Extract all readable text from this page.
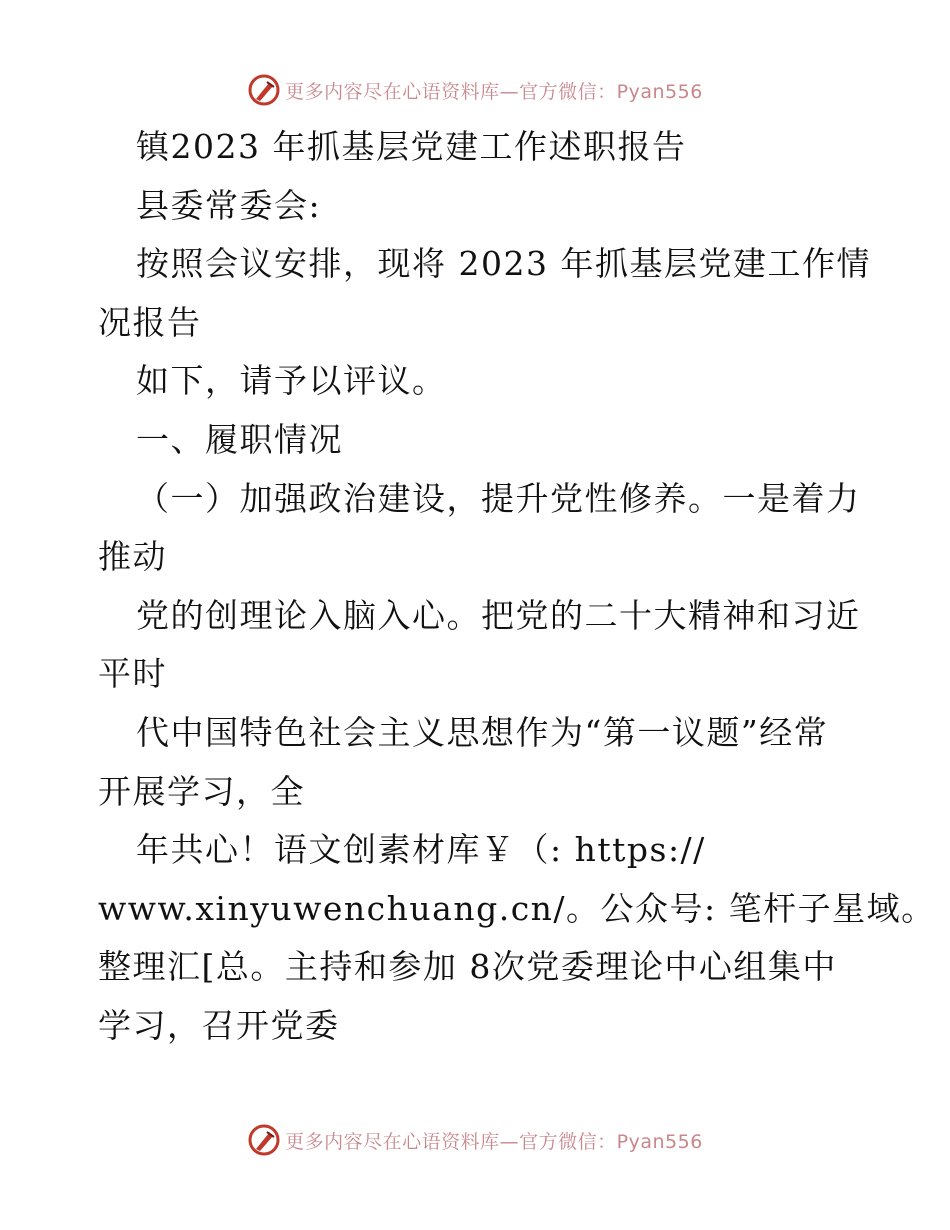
更多内容尽在心语资料库—官方微信：Pyan556
镇2023 年抓基层党建工作述职报告
县委常委会:
按照会议安排，现将 2023 年抓基层党建工作情
况报告
如下，请予以评议。
一、履职情况
（一）加强政治建设，提升党性修养。一是着力
推动
党的创理论入脑入心。把党的二十大精神和习近
平时
代中国特色社会主义思想作为“第一议题”经常
开展学习，全
年共心！语文创素材库￥（: https://
www.xinyuwenchuang.cn/。公众号: 笔杆子星域。
整理汇[总。主持和参加 8次党委理论中心组集中
学习，召开党委
更多内容尽在心语资料库—官方微信：Pyan556
